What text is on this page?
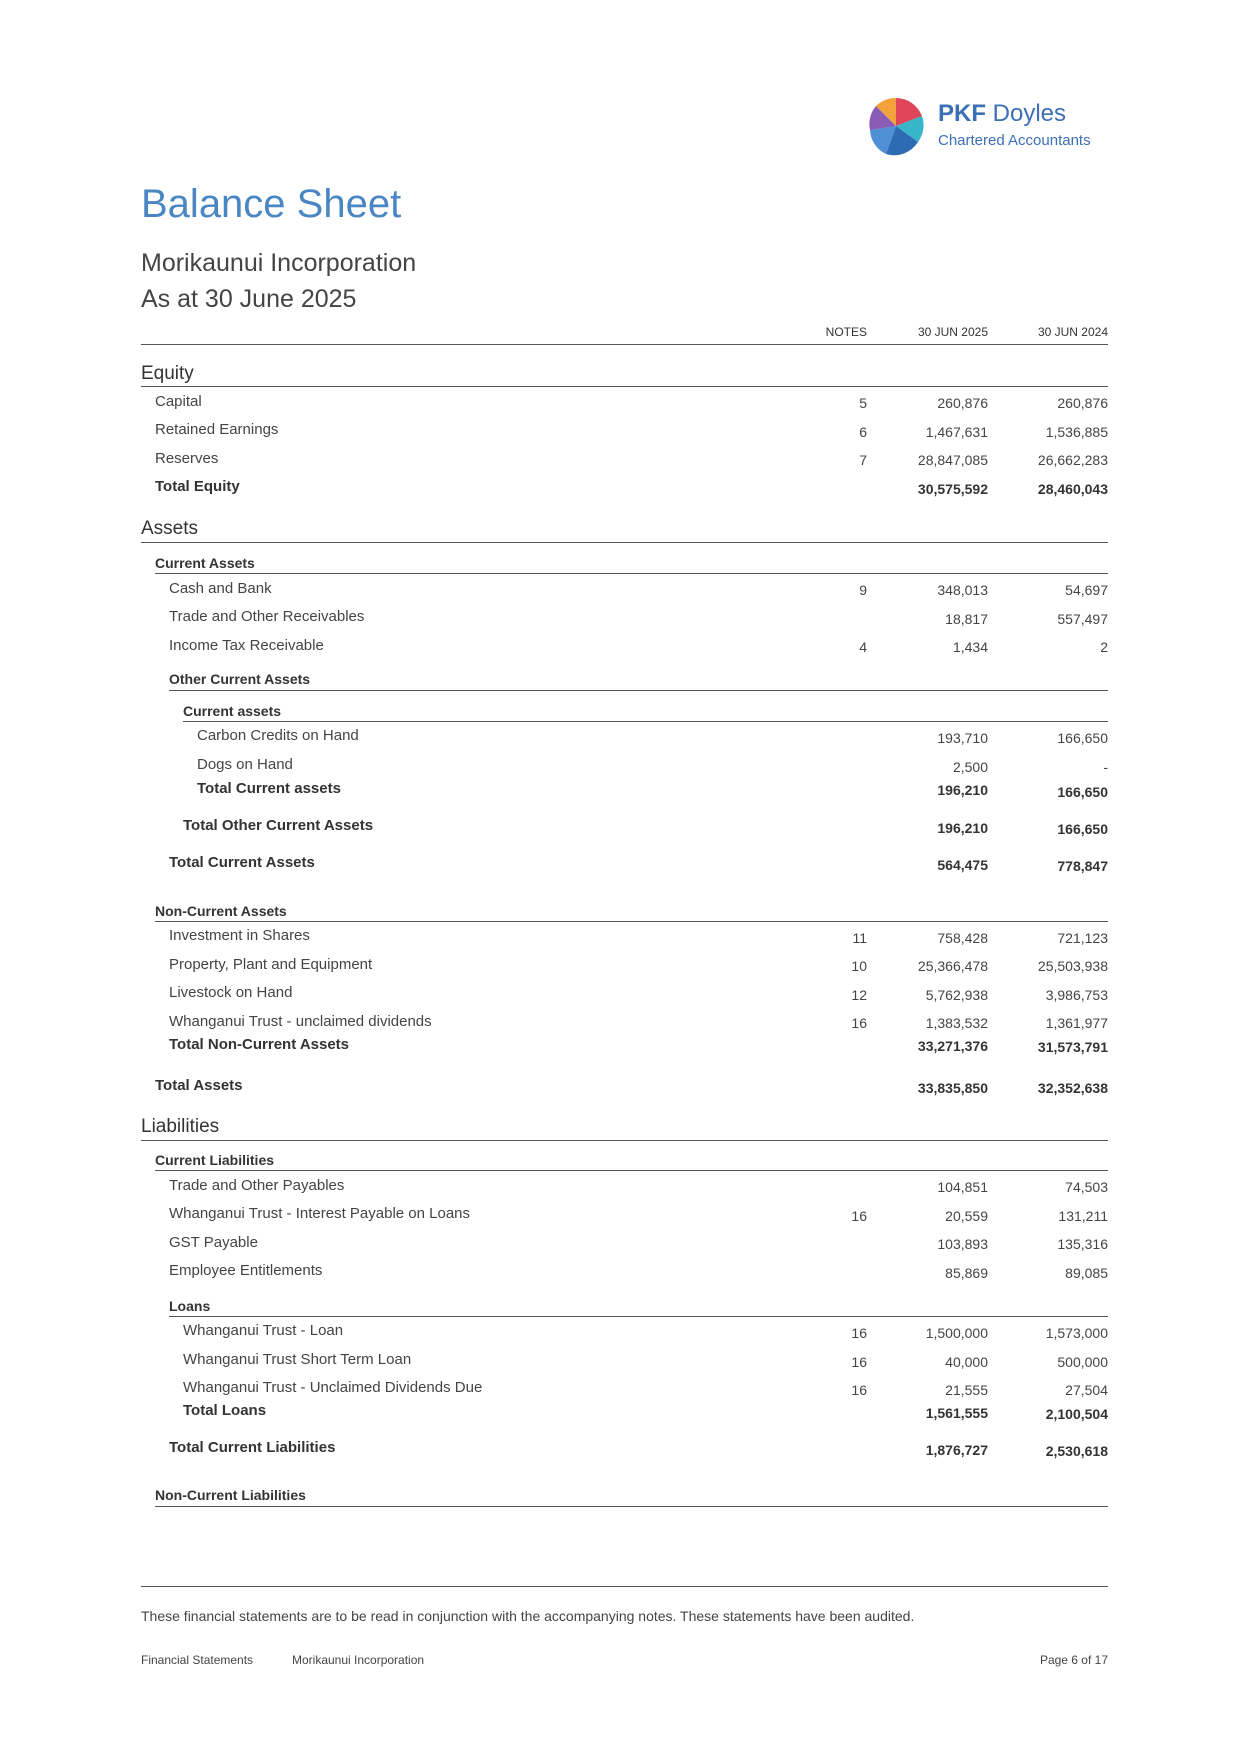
PKF Doyles
Chartered Accountants
Balance Sheet
Morikaunui Incorporation
As at 30 June 2025
NOTES	30 JUN 2025	30 JUN 2024
Equity
Capital	5	260,876	260,876
Retained Earnings	6	1,467,631	1,536,885
Reserves	7	28,847,085	26,662,283
Total Equity	30,575,592	28,460,043
Assets
Current Assets
Cash and Bank	9	348,013	54,697
Trade and Other Receivables	18,817	557,497
Income Tax Receivable	4	1,434	2
Other Current Assets
Current assets
Carbon Credits on Hand	193,710	166,650
Dogs on Hand	2,500	-
Total Current assets	196,210	166,650
Total Other Current Assets	196,210	166,650
Total Current Assets	564,475	778,847
Non-Current Assets
Investment in Shares	11	758,428	721,123
Property, Plant and Equipment	10	25,366,478	25,503,938
Livestock on Hand	12	5,762,938	3,986,753
Whanganui Trust - unclaimed dividends	16	1,383,532	1,361,977
Total Non-Current Assets	33,271,376	31,573,791
Total Assets	33,835,850	32,352,638
Liabilities
Current Liabilities
Trade and Other Payables	104,851	74,503
Whanganui Trust - Interest Payable on Loans	16	20,559	131,211
GST Payable	103,893	135,316
Employee Entitlements	85,869	89,085
Loans
Whanganui Trust - Loan	16	1,500,000	1,573,000
Whanganui Trust Short Term Loan	16	40,000	500,000
Whanganui Trust - Unclaimed Dividends Due	16	21,555	27,504
Total Loans	1,561,555	2,100,504
Total Current Liabilities	1,876,727	2,530,618
Non-Current Liabilities
These financial statements are to be read in conjunction with the accompanying notes. These statements have been audited.
Financial Statements	Morikaunui Incorporation	Page 6 of 17
